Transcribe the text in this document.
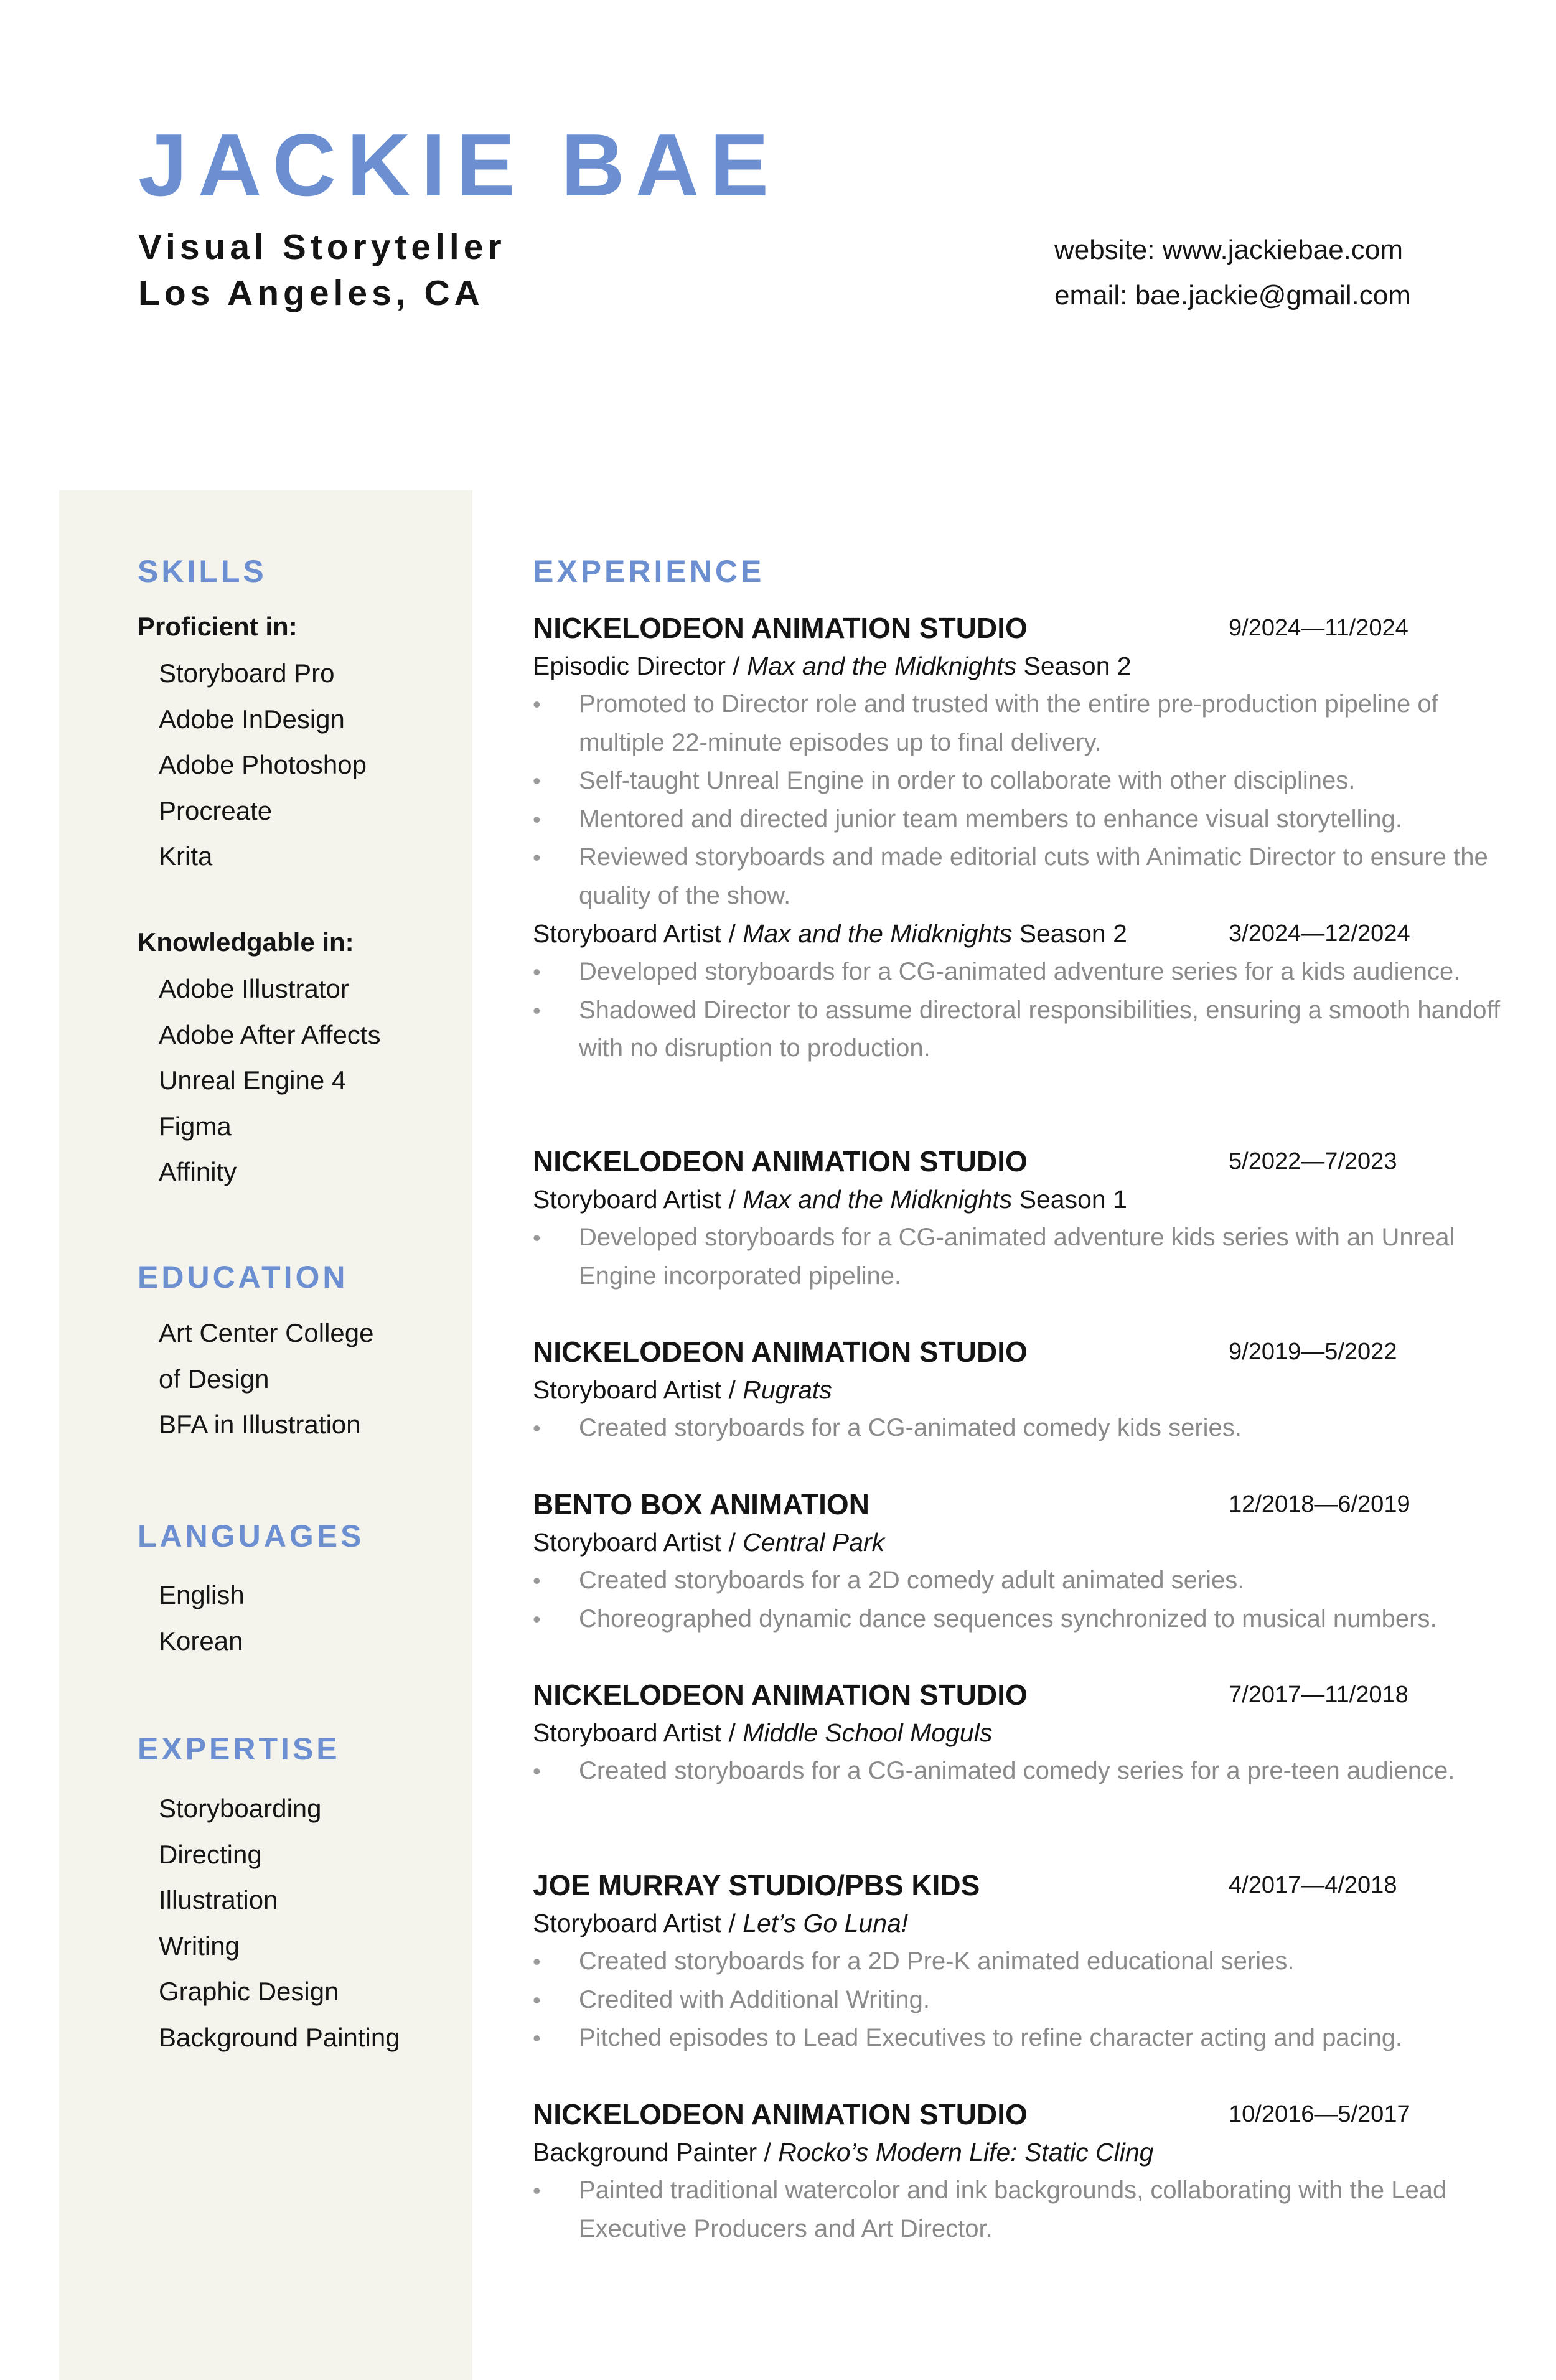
JACKIE BAE
Visual Storyteller
Los Angeles, CA
website: www.jackiebae.com
email: bae.jackie@gmail.com
SKILLS
Proficient in:
Storyboard Pro
Adobe InDesign
Adobe Photoshop
Procreate
Krita
Knowledgable in:
Adobe Illustrator
Adobe After Affects
Unreal Engine 4
Figma
Affinity
EDUCATION
Art Center College
of Design
BFA in Illustration
LANGUAGES
English
Korean
EXPERTISE
Storyboarding
Directing
Illustration
Writing
Graphic Design
Background Painting
EXPERIENCE
NICKELODEON ANIMATION STUDIO	9/2024—11/2024
Episodic Director / Max and the Midknights Season 2
• Promoted to Director role and trusted with the entire pre-production pipeline of multiple 22-minute episodes up to final delivery.
• Self-taught Unreal Engine in order to collaborate with other disciplines.
• Mentored and directed junior team members to enhance visual storytelling.
• Reviewed storyboards and made editorial cuts with Animatic Director to ensure the quality of the show.
Storyboard Artist / Max and the Midknights Season 2	3/2024—12/2024
• Developed storyboards for a CG-animated adventure series for a kids audience.
• Shadowed Director to assume directoral responsibilities, ensuring a smooth handoff with no disruption to production.
NICKELODEON ANIMATION STUDIO	5/2022—7/2023
Storyboard Artist / Max and the Midknights Season 1
• Developed storyboards for a CG-animated adventure kids series with an Unreal Engine incorporated pipeline.
NICKELODEON ANIMATION STUDIO	9/2019—5/2022
Storyboard Artist / Rugrats
• Created storyboards for a CG-animated comedy kids series.
BENTO BOX ANIMATION	12/2018—6/2019
Storyboard Artist / Central Park
• Created storyboards for a 2D comedy adult animated series.
• Choreographed dynamic dance sequences synchronized to musical numbers.
NICKELODEON ANIMATION STUDIO	7/2017—11/2018
Storyboard Artist / Middle School Moguls
• Created storyboards for a CG-animated comedy series for a pre-teen audience.
JOE MURRAY STUDIO/PBS KIDS	4/2017—4/2018
Storyboard Artist / Let’s Go Luna!
• Created storyboards for a 2D Pre-K animated educational series.
• Credited with Additional Writing.
• Pitched episodes to Lead Executives to refine character acting and pacing.
NICKELODEON ANIMATION STUDIO	10/2016—5/2017
Background Painter / Rocko’s Modern Life: Static Cling
• Painted traditional watercolor and ink backgrounds, collaborating with the Lead Executive Producers and Art Director.
